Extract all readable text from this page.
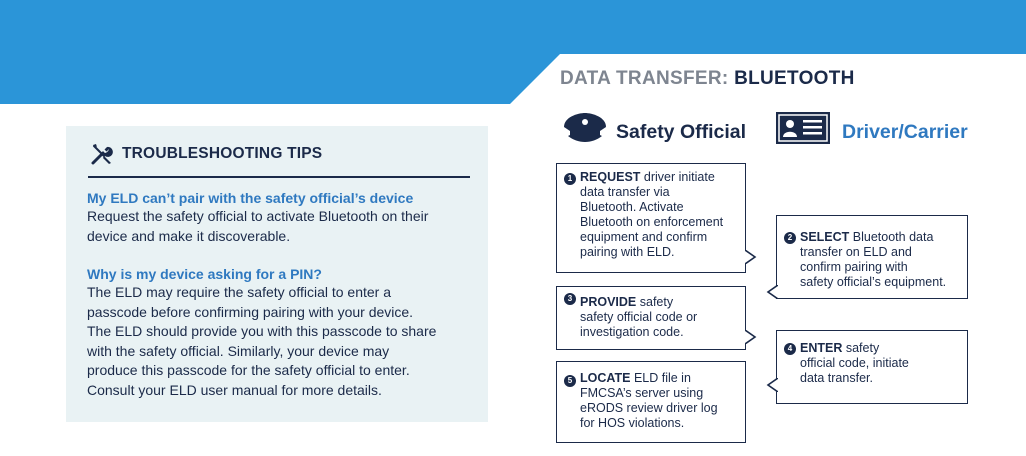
TROUBLESHOOTING TIPS
My ELD can’t pair with the safety official’s device
Request the safety official to activate Bluetooth on their
device and make it discoverable.
Why is my device asking for a PIN?
The ELD may require the safety official to enter a
passcode before confirming pairing with your device.
The ELD should provide you with this passcode to share
with the safety official. Similarly, your device may
produce this passcode for the safety official to enter.
Consult your ELD user manual for more details.
DATA TRANSFER: BLUETOOTH
Safety Official	Driver/Carrier
1 REQUEST driver initiate
data transfer via
Bluetooth. Activate
Bluetooth on enforcement
equipment and confirm
pairing with ELD.
2 SELECT Bluetooth data
transfer on ELD and
confirm pairing with
safety official’s equipment.
3 PROVIDE safety
safety official code or
investigation code.
4 ENTER safety
official code, initiate
data transfer.
5 LOCATE ELD file in
FMCSA’s server using
eRODS review driver log
for HOS violations.
